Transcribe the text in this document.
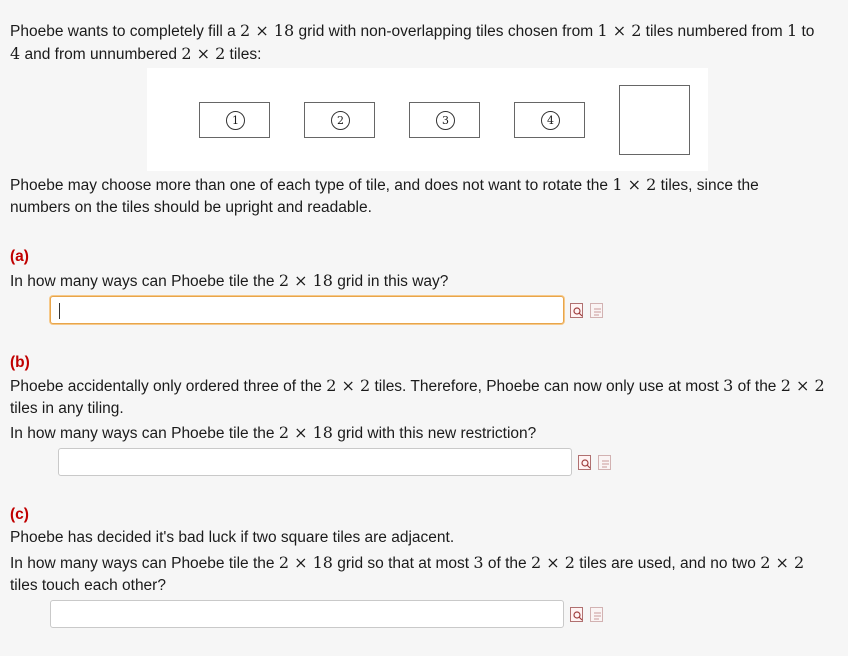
Phoebe wants to completely fill a 2 × 18 grid with non-overlapping tiles chosen from 1 × 2 tiles numbered from 1 to
4 and from unnumbered 2 × 2 tiles:
1	2	3	4
Phoebe may choose more than one of each type of tile, and does not want to rotate the 1 × 2 tiles, since the
numbers on the tiles should be upright and readable.
(a)
In how many ways can Phoebe tile the 2 × 18 grid in this way?
(b)
Phoebe accidentally only ordered three of the 2 × 2 tiles. Therefore, Phoebe can now only use at most 3 of the 2 × 2
tiles in any tiling.
In how many ways can Phoebe tile the 2 × 18 grid with this new restriction?
(c)
Phoebe has decided it's bad luck if two square tiles are adjacent.
In how many ways can Phoebe tile the 2 × 18 grid so that at most 3 of the 2 × 2 tiles are used, and no two 2 × 2
tiles touch each other?
